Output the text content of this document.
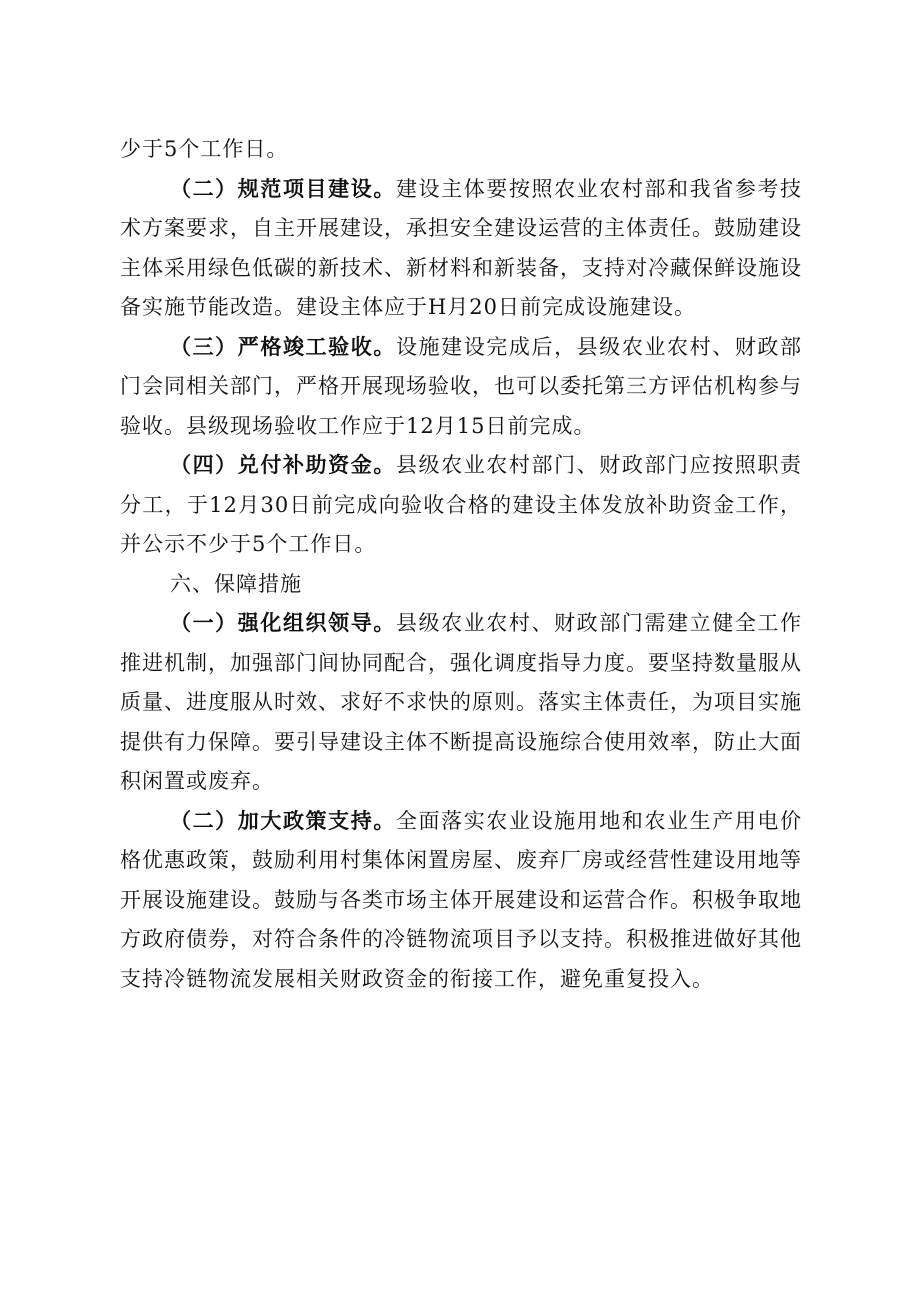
少于5个工作日。

（二）规范项目建设。建设主体要按照农业农村部和我省参考技术方案要求，自主开展建设，承担安全建设运营的主体责任。鼓励建设主体采用绿色低碳的新技术、新材料和新装备，支持对冷藏保鲜设施设备实施节能改造。建设主体应于H月20日前完成设施建设。

（三）严格竣工验收。设施建设完成后，县级农业农村、财政部门会同相关部门，严格开展现场验收，也可以委托第三方评估机构参与验收。县级现场验收工作应于12月15日前完成。

（四）兑付补助资金。县级农业农村部门、财政部门应按照职责分工，于12月30日前完成向验收合格的建设主体发放补助资金工作，并公示不少于5个工作日。

六、保障措施

（一）强化组织领导。县级农业农村、财政部门需建立健全工作推进机制，加强部门间协同配合，强化调度指导力度。要坚持数量服从质量、进度服从时效、求好不求快的原则。落实主体责任，为项目实施提供有力保障。要引导建设主体不断提高设施综合使用效率，防止大面积闲置或废弃。

（二）加大政策支持。全面落实农业设施用地和农业生产用电价格优惠政策，鼓励利用村集体闲置房屋、废弃厂房或经营性建设用地等开展设施建设。鼓励与各类市场主体开展建设和运营合作。积极争取地方政府债券，对符合条件的冷链物流项目予以支持。积极推进做好其他支持冷链物流发展相关财政资金的衔接工作，避免重复投入。
